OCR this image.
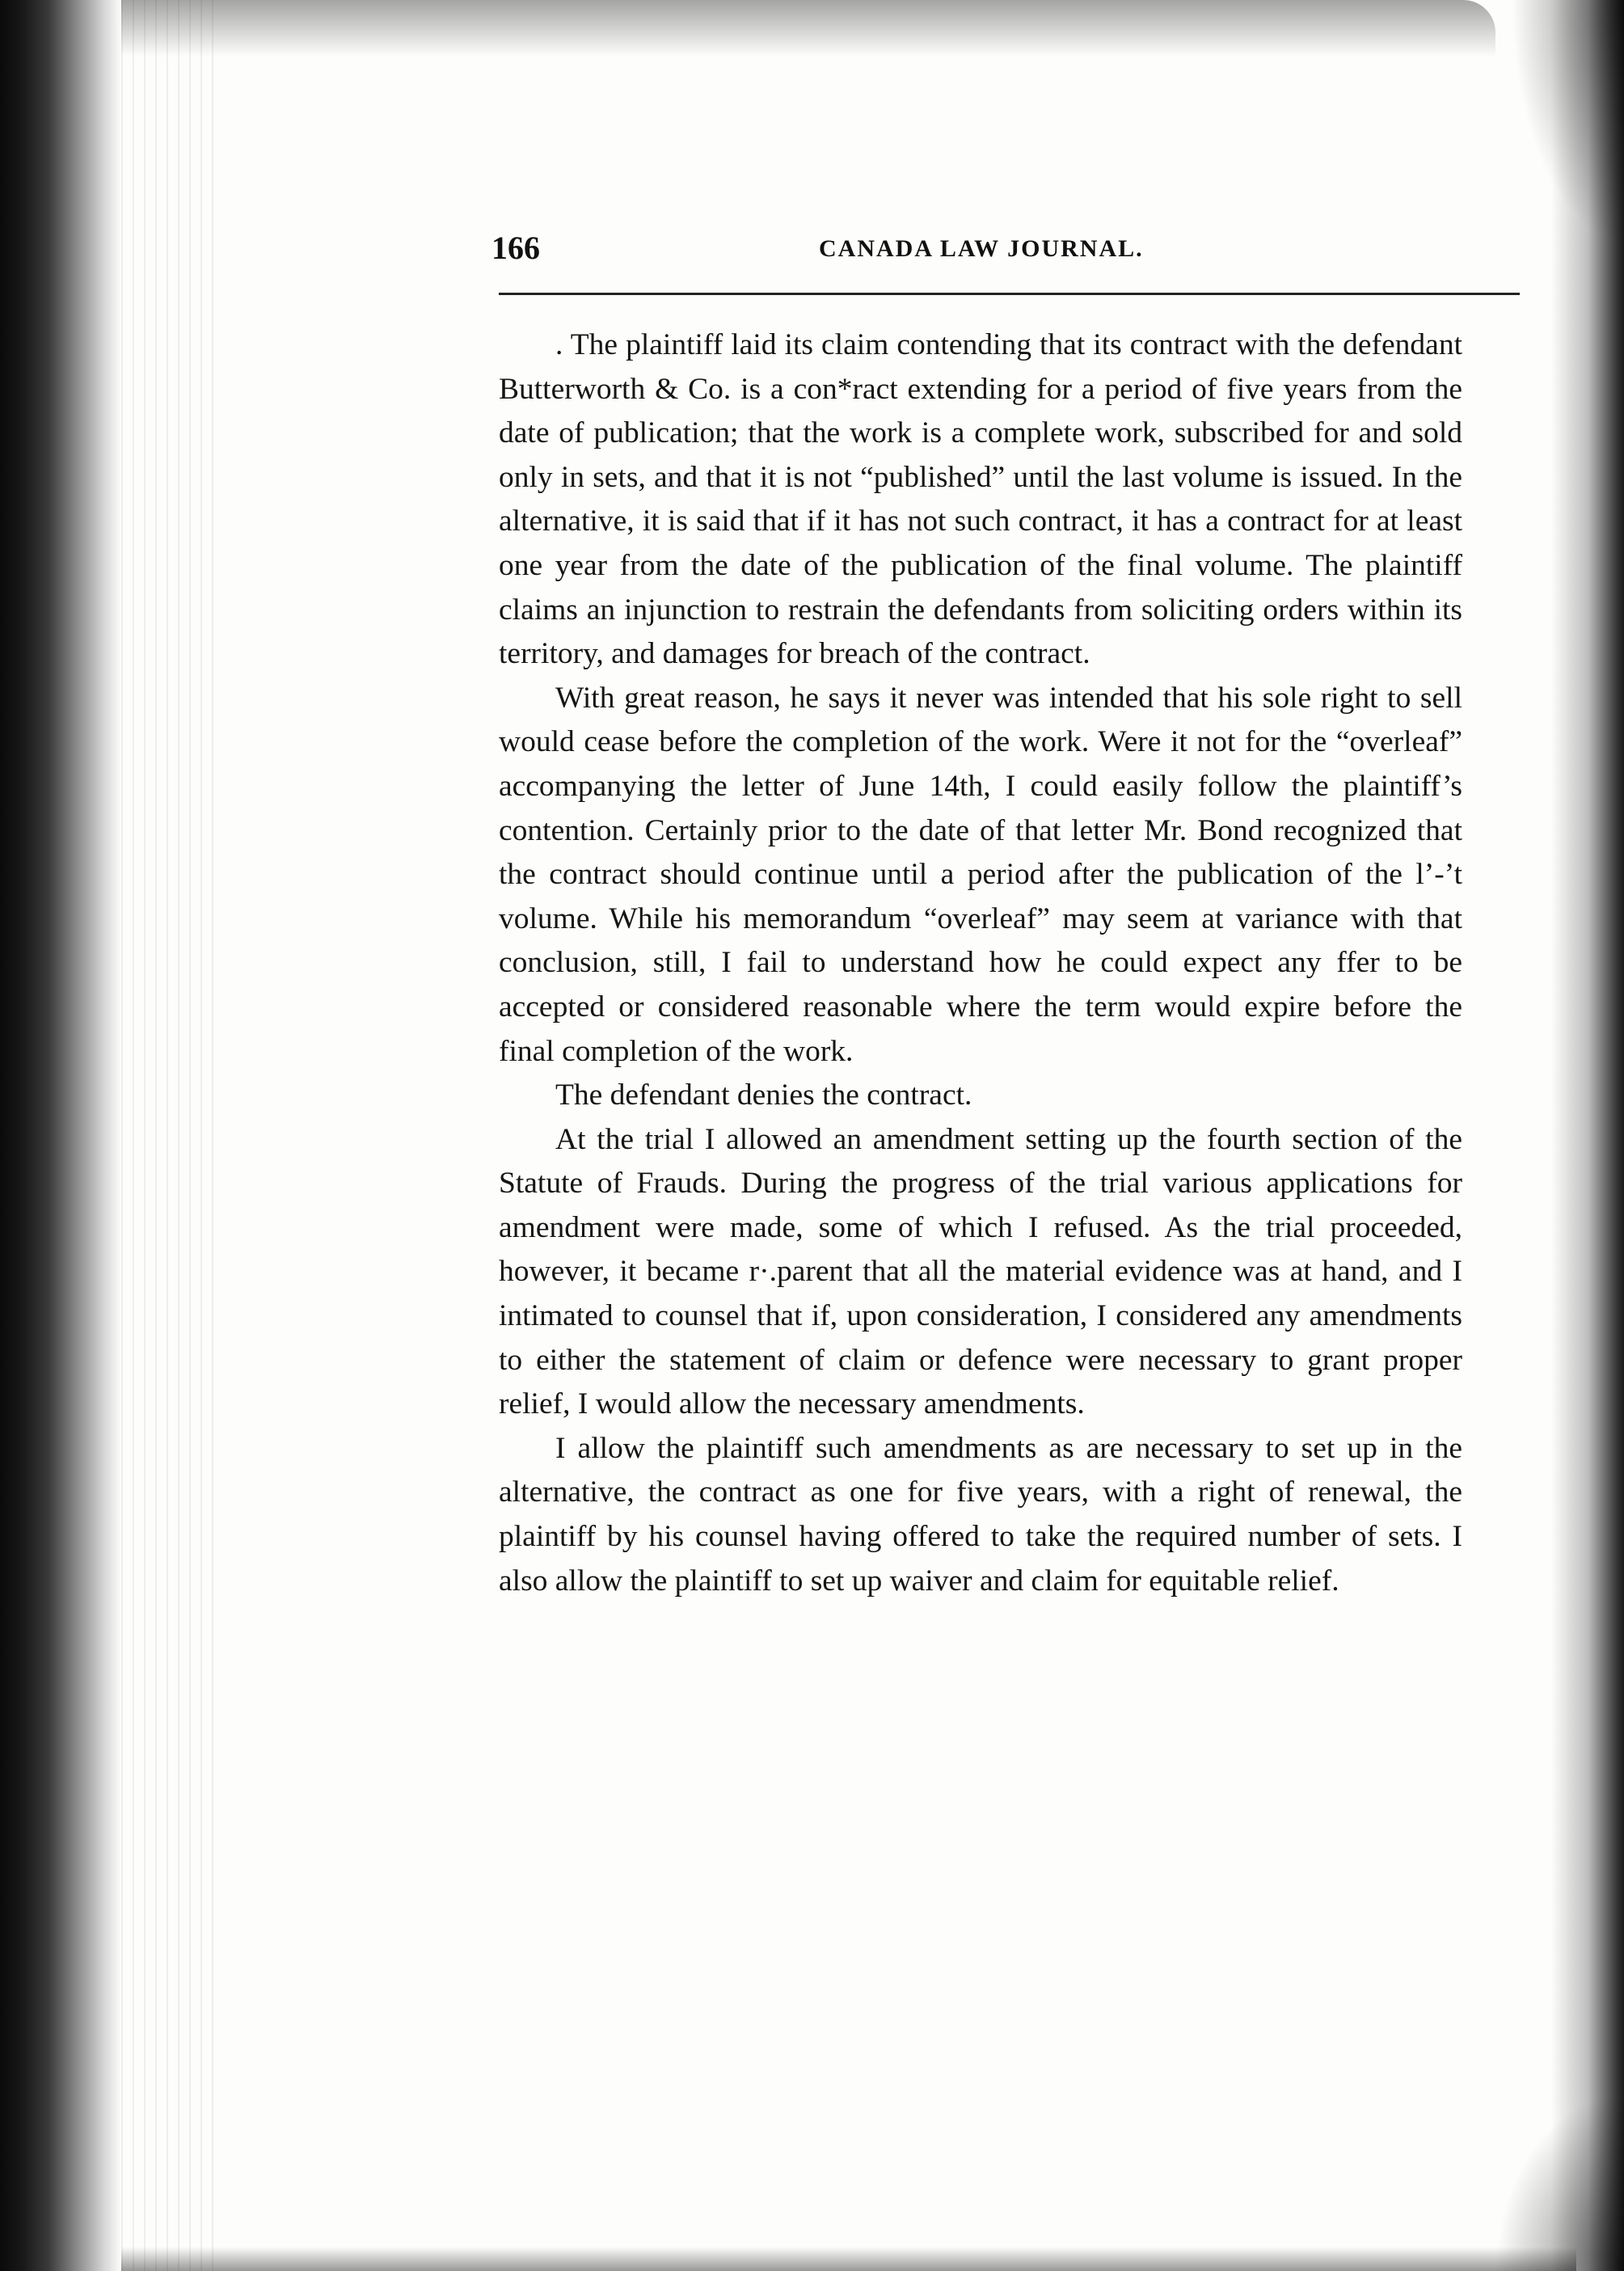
166	CANADA LAW JOURNAL.

. The plaintiff laid its claim contending that its contract with the defendant Butterworth & Co. is a con*ract extending for a period of five years from the date of publication; that the work is a complete work, subscribed for and sold only in sets, and that it is not “published” until the last volume is issued. In the alternative, it is said that if it has not such contract, it has a contract for at least one year from the date of the publication of the final volume. The plaintiff claims an injunction to restrain the defendants from soliciting orders within its territory, and damages for breach of the contract.

With great reason, he says it never was intended that his sole right to sell would cease before the completion of the work. Were it not for the “overleaf” accompanying the letter of June 14th, I could easily follow the plaintiff’s contention. Certainly prior to the date of that letter Mr. Bond recognized that the contract should continue until a period after the publication of the l’-’t volume. While his memorandum “overleaf” may seem at variance with that conclusion, still, I fail to understand how he could expect any ffer to be accepted or considered reasonable where the term would expire before the final completion of the work.

The defendant denies the contract.

At the trial I allowed an amendment setting up the fourth section of the Statute of Frauds. During the progress of the trial various applications for amendment were made, some of which I refused. As the trial proceeded, however, it became r·.parent that all the material evidence was at hand, and I intimated to counsel that if, upon consideration, I considered any amendments to either the statement of claim or defence were necessary to grant proper relief, I would allow the necessary amendments.

I allow the plaintiff such amendments as are necessary to set up in the alternative, the contract as one for five years, with a right of renewal, the plaintiff by his counsel having offered to take the required number of sets. I also allow the plaintiff to set up waiver and claim for equitable relief.
